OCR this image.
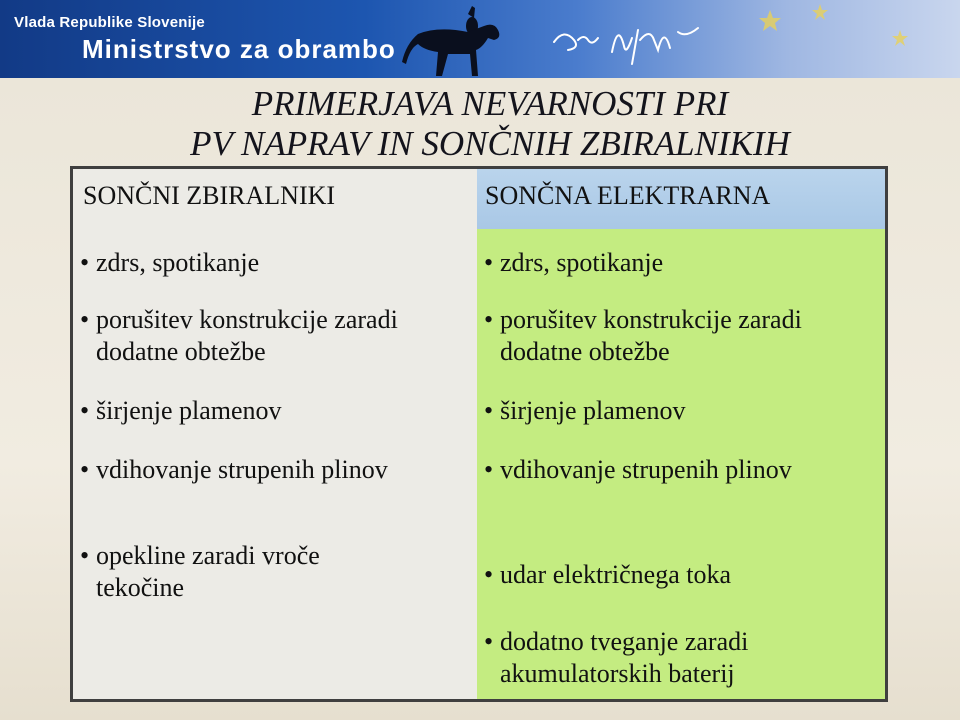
Vlada Republike Slovenije
Ministrstvo za obrambo
PRIMERJAVA NEVARNOSTI PRI
PV NAPRAV IN SONČNIH ZBIRALNIKIH
SONČNI ZBIRALNIKI	SONČNA ELEKTRARNA
• zdrs, spotikanje
• porušitev konstrukcije zaradi dodatne obtežbe
• širjenje plamenov
• vdihovanje strupenih plinov
• opekline zaradi vroče tekočine
• zdrs, spotikanje
• porušitev konstrukcije zaradi dodatne obtežbe
• širjenje plamenov
• vdihovanje strupenih plinov
• udar električnega toka
• dodatno tveganje zaradi akumulatorskih baterij
